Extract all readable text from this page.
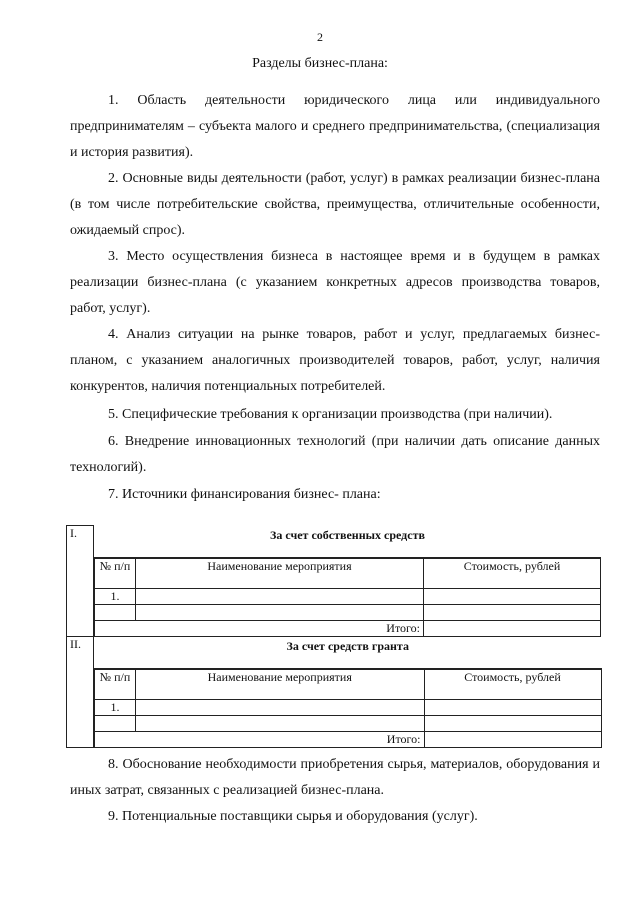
2
Разделы бизнес-плана:

1. Область деятельности юридического лица или индивидуального предпринимателям – субъекта малого и среднего предпринимательства, (специализация и история развития).

2. Основные виды деятельности (работ, услуг) в рамках реализации бизнес-плана (в том числе потребительские свойства, преимущества, отличительные особенности, ожидаемый спрос).

3. Место осуществления бизнеса в настоящее время и в будущем в рамках реализации бизнес-плана (с указанием конкретных адресов производства товаров, работ, услуг).

4. Анализ ситуации на рынке товаров, работ и услуг, предлагаемых бизнес-планом, с указанием аналогичных производителей товаров, работ, услуг, наличия конкурентов, наличия потенциальных потребителей.

5. Специфические требования к организации производства (при наличии).

6. Внедрение инновационных технологий (при наличии дать описание данных технологий).

7. Источники финансирования бизнес- плана:

I.	За счет собственных средств
№ п/п	Наименование мероприятия	Стоимость, рублей
1.		

Итого:	

II.	За счет средств гранта
№ п/п	Наименование мероприятия	Стоимость, рублей
1.		

Итого:	

8. Обоснование необходимости приобретения сырья, материалов, оборудования и иных затрат, связанных с реализацией бизнес-плана.

9. Потенциальные поставщики сырья и оборудования (услуг).
